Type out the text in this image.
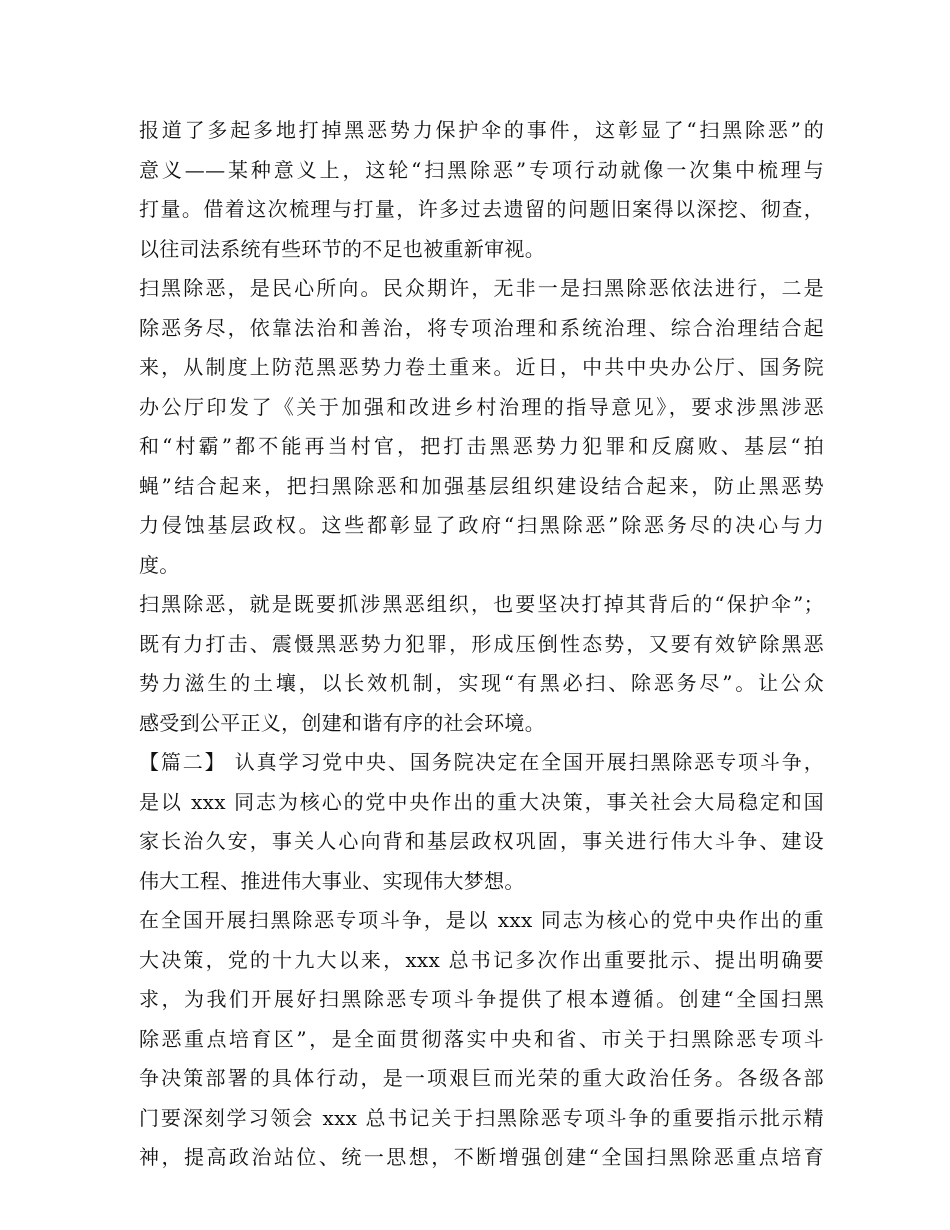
报道了多起多地打掉黑恶势力保护伞的事件，这彰显了“扫黑除恶”的
意义——某种意义上，这轮“扫黑除恶”专项行动就像一次集中梳理与
打量。借着这次梳理与打量，许多过去遗留的问题旧案得以深挖、彻查，
以往司法系统有些环节的不足也被重新审视。
扫黑除恶，是民心所向。民众期许，无非一是扫黑除恶依法进行，二是
除恶务尽，依靠法治和善治，将专项治理和系统治理、综合治理结合起
来，从制度上防范黑恶势力卷土重来。近日，中共中央办公厅、国务院
办公厅印发了《关于加强和改进乡村治理的指导意见》，要求涉黑涉恶
和“村霸”都不能再当村官，把打击黑恶势力犯罪和反腐败、基层“拍
蝇”结合起来，把扫黑除恶和加强基层组织建设结合起来，防止黑恶势
力侵蚀基层政权。这些都彰显了政府“扫黑除恶”除恶务尽的决心与力
度。
扫黑除恶，就是既要抓涉黑恶组织，也要坚决打掉其背后的“保护伞”；
既有力打击、震慑黑恶势力犯罪，形成压倒性态势，又要有效铲除黑恶
势力滋生的土壤，以长效机制，实现“有黑必扫、除恶务尽”。让公众
感受到公平正义，创建和谐有序的社会环境。
【篇二】 认真学习党中央、国务院决定在全国开展扫黑除恶专项斗争，
是以 xxx 同志为核心的党中央作出的重大决策，事关社会大局稳定和国
家长治久安，事关人心向背和基层政权巩固，事关进行伟大斗争、建设
伟大工程、推进伟大事业、实现伟大梦想。
在全国开展扫黑除恶专项斗争，是以 xxx 同志为核心的党中央作出的重
大决策，党的十九大以来，xxx 总书记多次作出重要批示、提出明确要
求，为我们开展好扫黑除恶专项斗争提供了根本遵循。创建“全国扫黑
除恶重点培育区”，是全面贯彻落实中央和省、市关于扫黑除恶专项斗
争决策部署的具体行动，是一项艰巨而光荣的重大政治任务。各级各部
门要深刻学习领会 xxx 总书记关于扫黑除恶专项斗争的重要指示批示精
神，提高政治站位、统一思想，不断增强创建“全国扫黑除恶重点培育
